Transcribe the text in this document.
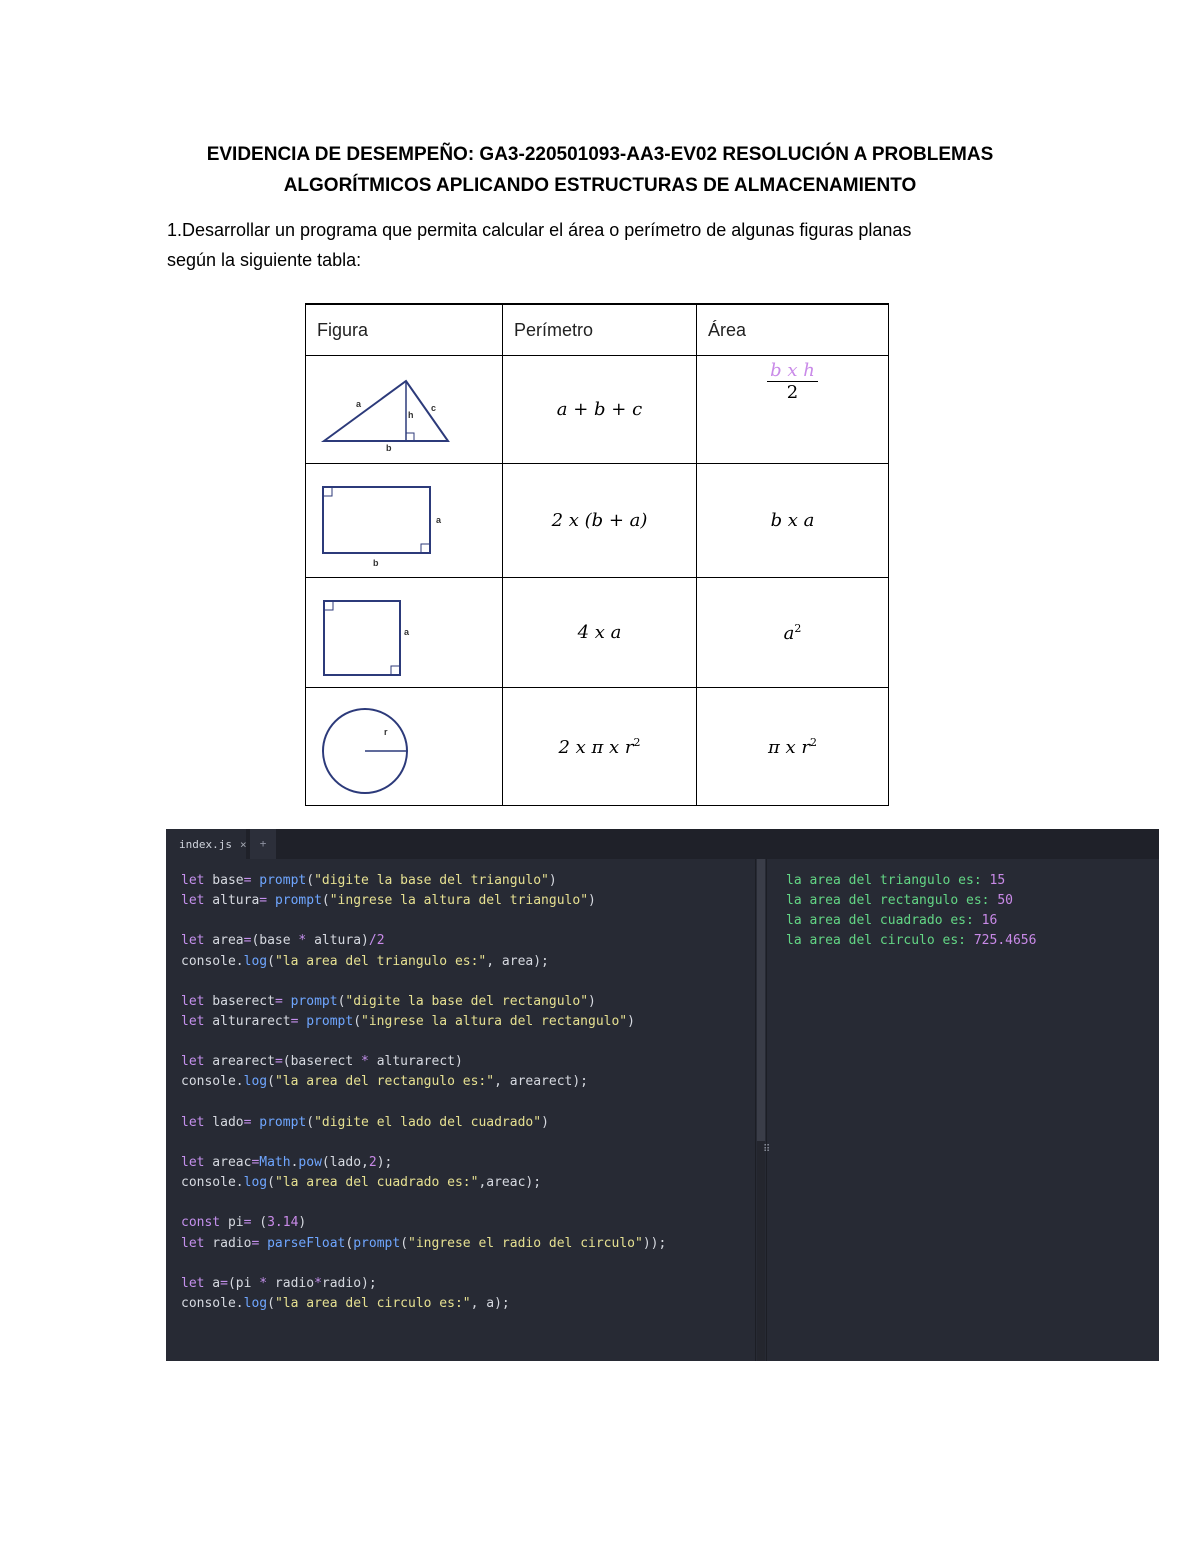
EVIDENCIA DE DESEMPEÑO: GA3-220501093-AA3-EV02 RESOLUCIÓN A PROBLEMAS
ALGORÍTMICOS APLICANDO ESTRUCTURAS DE ALMACENAMIENTO
1.Desarrollar un programa que permita calcular el área o perímetro de algunas figuras planas
según la siguiente tabla:
Figura	Perímetro	Área

a
h
c
b	a + b + c	$\frac{\text{b x h}}{2}$

a
b	2 x (b + a)	b x a

a	4 x a	$a^2$

r	2 x π x $r^2$	π x $r^2$
index.js ×	+
let base= prompt("digite la base del triangulo")
let altura= prompt("ingrese la altura del triangulo")
let area=(base * altura)/2
console.log("la area del triangulo es:", area);
let baserect= prompt("digite la base del rectangulo")
let alturarect= prompt("ingrese la altura del rectangulo")
let arearect=(baserect * alturarect)
console.log("la area del rectangulo es:", arearect);
let lado= prompt("digite el lado del cuadrado")
let areac=Math.pow(lado,2);
console.log("la area del cuadrado es:",areac);
const pi= (3.14)
let radio= parseFloat(prompt("ingrese el radio del circulo"));
let a=(pi * radio*radio);
console.log("la area del circulo es:", a);
⠿
la area del triangulo es: 15
la area del rectangulo es: 50
la area del cuadrado es: 16
la area del circulo es: 725.4656
